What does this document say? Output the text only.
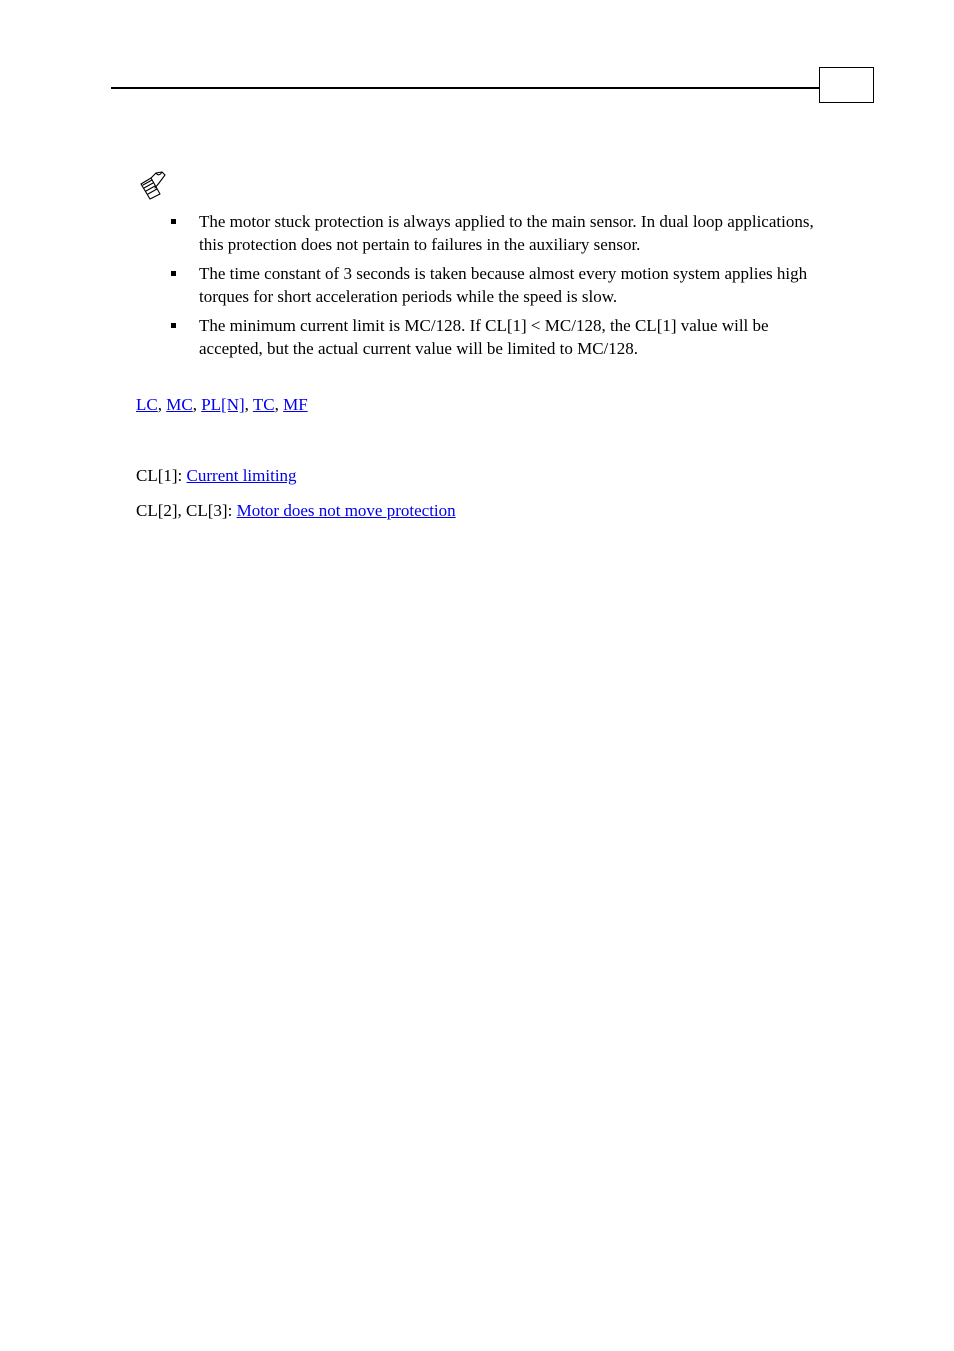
The motor stuck protection is always applied to the main sensor. In dual loop applications, this protection does not pertain to failures in the auxiliary sensor.
The time constant of 3 seconds is taken because almost every motion system applies high torques for short acceleration periods while the speed is slow.
The minimum current limit is MC/128. If CL[1] < MC/128, the CL[1] value will be accepted, but the actual current value will be limited to MC/128.
LC, MC, PL[N], TC, MF
CL[1]: Current limiting
CL[2], CL[3]: Motor does not move protection
